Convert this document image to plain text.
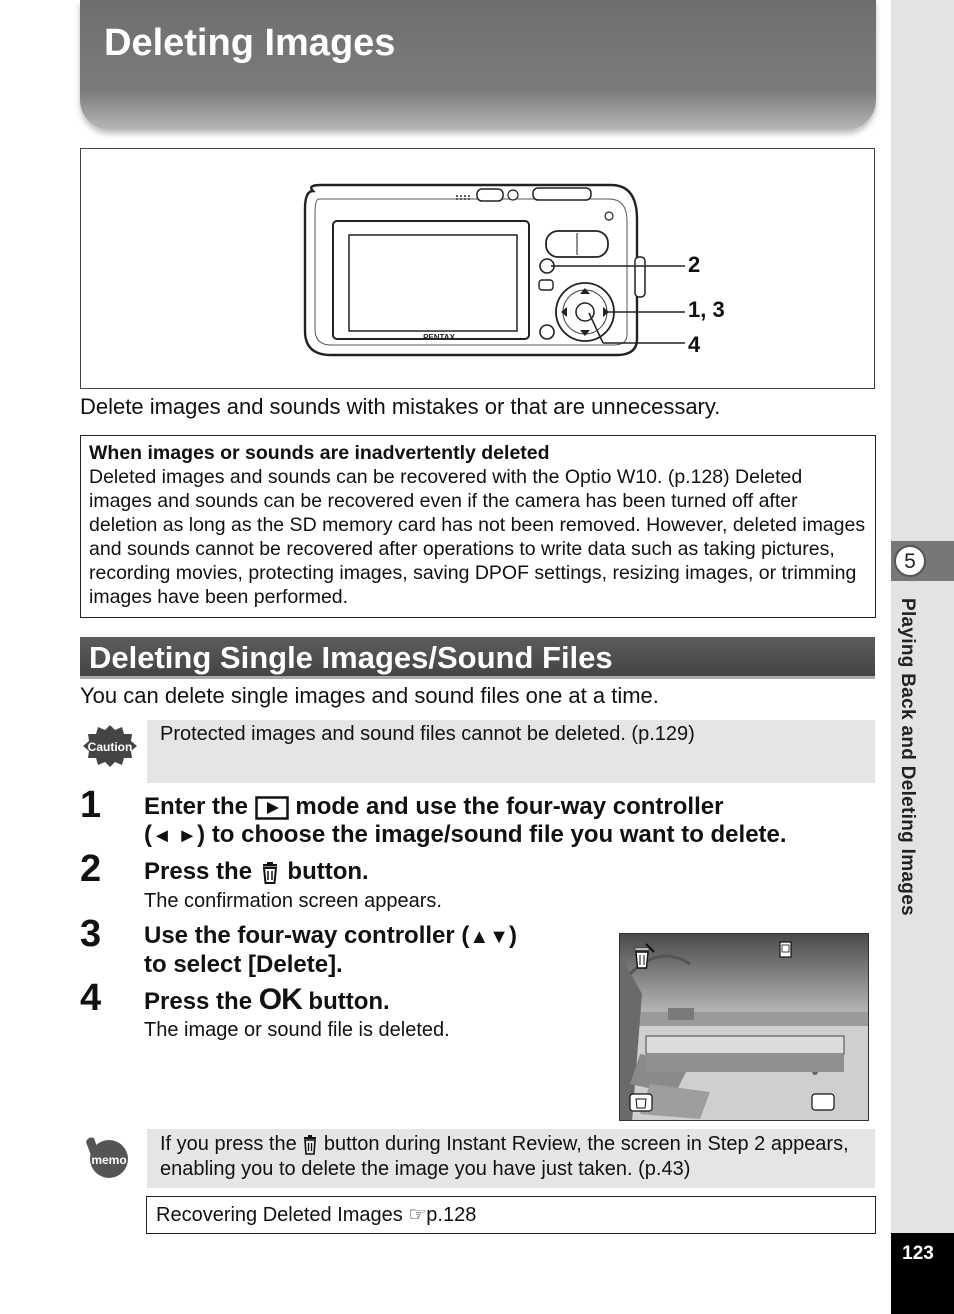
Deleting Images
5
Playing Back and Deleting Images
123
PENTAX
2
1, 3
4
Delete images and sounds with mistakes or that are unnecessary.
When images or sounds are inadvertently deleted
Deleted images and sounds can be recovered with the Optio W10. (p.128) Deleted images and sounds can be recovered even if the camera has been turned off after deletion as long as the SD memory card has not been removed. However, deleted images and sounds cannot be recovered after operations to write data such as taking pictures, recording movies, protecting images, saving DPOF settings, resizing images, or trimming images have been performed.
Deleting Single Images/Sound Files
You can delete single images and sound files one at a time.
Caution
Protected images and sound files cannot be deleted. (p.129)
1 Enter the mode and use the four-way controller
(◄ ►) to choose the image/sound file you want to delete.
2 Press the button.
The confirmation screen appears.
3 Use the four-way controller (▲▼)
to select [Delete].
4 Press the OK button.
The image or sound file is deleted.
memo
If you press the button during Instant Review, the screen in Step 2 appears, enabling you to delete the image you have just taken. (p.43)
Recovering Deleted Images ☞p.128
